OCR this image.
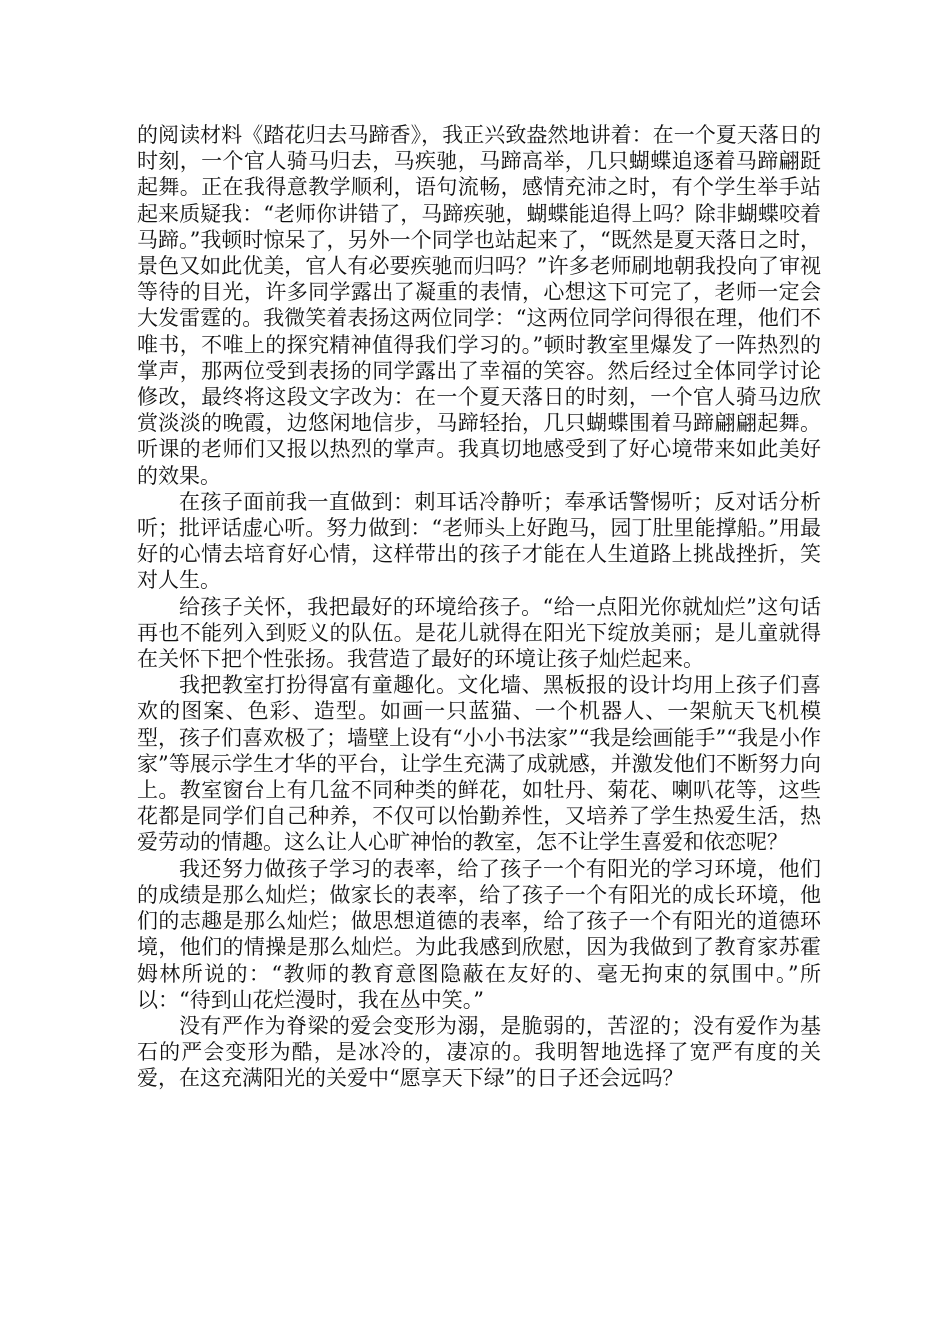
的阅读材料《踏花归去马蹄香》，我正兴致盎然地讲着：在一个夏天落日的时刻，一个官人骑马归去，马疾驰，马蹄高举，几只蝴蝶追逐着马蹄翩跹起舞。正在我得意教学顺利，语句流畅，感情充沛之时，有个学生举手站起来质疑我：“老师你讲错了，马蹄疾驰，蝴蝶能追得上吗？除非蝴蝶咬着马蹄。”我顿时惊呆了，另外一个同学也站起来了，“既然是夏天落日之时，景色又如此优美，官人有必要疾驰而归吗？”许多老师刷地朝我投向了审视等待的目光，许多同学露出了凝重的表情，心想这下可完了，老师一定会大发雷霆的。我微笑着表扬这两位同学：“这两位同学问得很在理，他们不唯书，不唯上的探究精神值得我们学习的。”顿时教室里爆发了一阵热烈的掌声，那两位受到表扬的同学露出了幸福的笑容。然后经过全体同学讨论修改，最终将这段文字改为：在一个夏天落日的时刻，一个官人骑马边欣赏淡淡的晚霞，边悠闲地信步，马蹄轻抬，几只蝴蝶围着马蹄翩翩起舞。听课的老师们又报以热烈的掌声。我真切地感受到了好心境带来如此美好的效果。

在孩子面前我一直做到：刺耳话冷静听；奉承话警惕听；反对话分析听；批评话虚心听。努力做到：“老师头上好跑马，园丁肚里能撑船。”用最好的心情去培育好心情，这样带出的孩子才能在人生道路上挑战挫折，笑对人生。

给孩子关怀，我把最好的环境给孩子。“给一点阳光你就灿烂”这句话再也不能列入到贬义的队伍。是花儿就得在阳光下绽放美丽；是儿童就得在关怀下把个性张扬。我营造了最好的环境让孩子灿烂起来。

我把教室打扮得富有童趣化。文化墙、黑板报的设计均用上孩子们喜欢的图案、色彩、造型。如画一只蓝猫、一个机器人、一架航天飞机模型，孩子们喜欢极了；墙壁上设有“小小书法家”“我是绘画能手”“我是小作家”等展示学生才华的平台，让学生充满了成就感，并激发他们不断努力向上。教室窗台上有几盆不同种类的鲜花，如牡丹、菊花、喇叭花等，这些花都是同学们自己种养，不仅可以怡勤养性，又培养了学生热爱生活，热爱劳动的情趣。这么让人心旷神怡的教室，怎不让学生喜爱和依恋呢？

我还努力做孩子学习的表率，给了孩子一个有阳光的学习环境，他们的成绩是那么灿烂；做家长的表率，给了孩子一个有阳光的成长环境，他们的志趣是那么灿烂；做思想道德的表率，给了孩子一个有阳光的道德环境，他们的情操是那么灿烂。为此我感到欣慰，因为我做到了教育家苏霍姆林所说的：“教师的教育意图隐蔽在友好的、毫无拘束的氛围中。”所以：“待到山花烂漫时，我在丛中笑。”

没有严作为脊梁的爱会变形为溺，是脆弱的，苦涩的；没有爱作为基石的严会变形为酷，是冰冷的，凄凉的。我明智地选择了宽严有度的关爱，在这充满阳光的关爱中“愿享天下绿”的日子还会远吗？
